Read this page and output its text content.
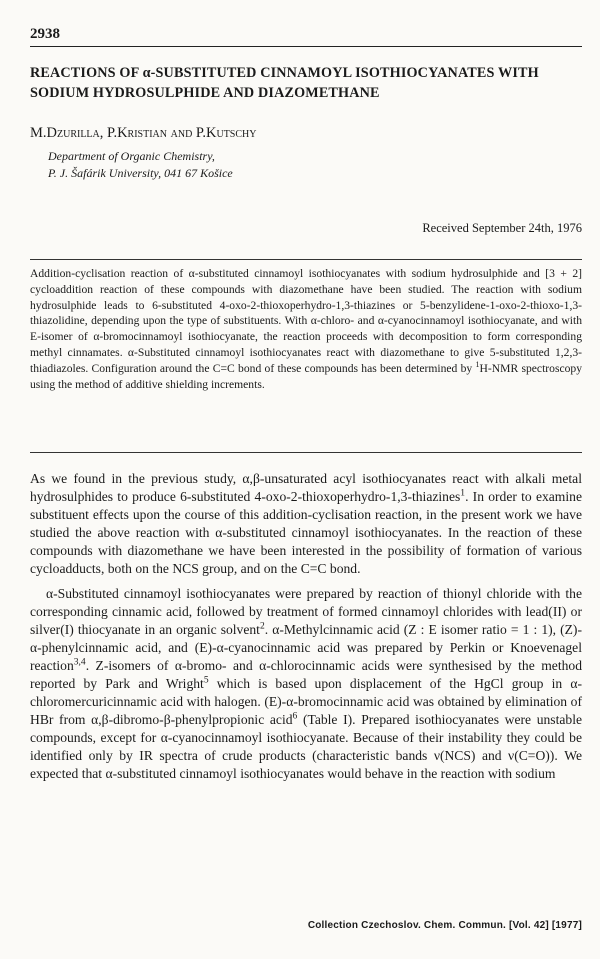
2938
REACTIONS OF α-SUBSTITUTED CINNAMOYL ISOTHIOCYANATES WITH SODIUM HYDROSULPHIDE AND DIAZOMETHANE
M.Dzurilla, P.Kristian and P.Kutschy
Department of Organic Chemistry,
P. J. Šafárik University, 041 67 Košice
Received September 24th, 1976

Addition-cyclisation reaction of α-substituted cinnamoyl isothiocyanates with sodium hydrosulphide and [3 + 2] cycloaddition reaction of these compounds with diazomethane have been studied. The reaction with sodium hydrosulphide leads to 6-substituted 4-oxo-2-thioxoperhydro-1,3-thiazines or 5-benzylidene-1-oxo-2-thioxo-1,3-thiazolidine, depending upon the type of substituents. With α-chloro- and α-cyanocinnamoyl isothiocyanate, and with E-isomer of α-bromocinnamoyl isothiocyanate, the reaction proceeds with decomposition to form corresponding methyl cinnamates. α-Substituted cinnamoyl isothiocyanates react with diazomethane to give 5-substituted 1,2,3-thiadiazoles. Configuration around the C=C bond of these compounds has been determined by $^1$H-NMR spectroscopy using the method of additive shielding increments.

As we found in the previous study, α,β-unsaturated acyl isothiocyanates react with alkali metal hydrosulphides to produce 6-substituted 4-oxo-2-thioxoperhydro-1,3-thiazines$^1$. In order to examine substituent effects upon the course of this addition-cyclisation reaction, in the present work we have studied the above reaction with α-substituted cinnamoyl isothiocyanates. In the reaction of these compounds with diazomethane we have been interested in the possibility of formation of various cycloadducts, both on the NCS group, and on the C=C bond.

α-Substituted cinnamoyl isothiocyanates were prepared by reaction of thionyl chloride with the corresponding cinnamic acid, followed by treatment of formed cinnamoyl chlorides with lead(II) or silver(I) thiocyanate in an organic solvent$^2$. α-Methylcinnamic acid (Z : E isomer ratio = 1 : 1), (Z)-α-phenylcinnamic acid, and (E)-α-cyanocinnamic acid was prepared by Perkin or Knoevenagel reaction$^{3,4}$. Z-isomers of α-bromo- and α-chlorocinnamic acids were synthesised by the method reported by Park and Wright$^5$ which is based upon displacement of the HgCl group in α-chloromercuricinnamic acid with halogen. (E)-α-bromocinnamic acid was obtained by elimination of HBr from α,β-dibromo-β-phenylpropionic acid$^6$ (Table I). Prepared isothiocyanates were unstable compounds, except for α-cyanocinnamoyl isothiocyanate. Because of their instability they could be identified only by IR spectra of crude products (characteristic bands ν(NCS) and ν(C=O)). We expected that α-substituted cinnamoyl isothiocyanates would behave in the reaction with sodium

Collection Czechoslov. Chem. Commun. [Vol. 42] [1977]
